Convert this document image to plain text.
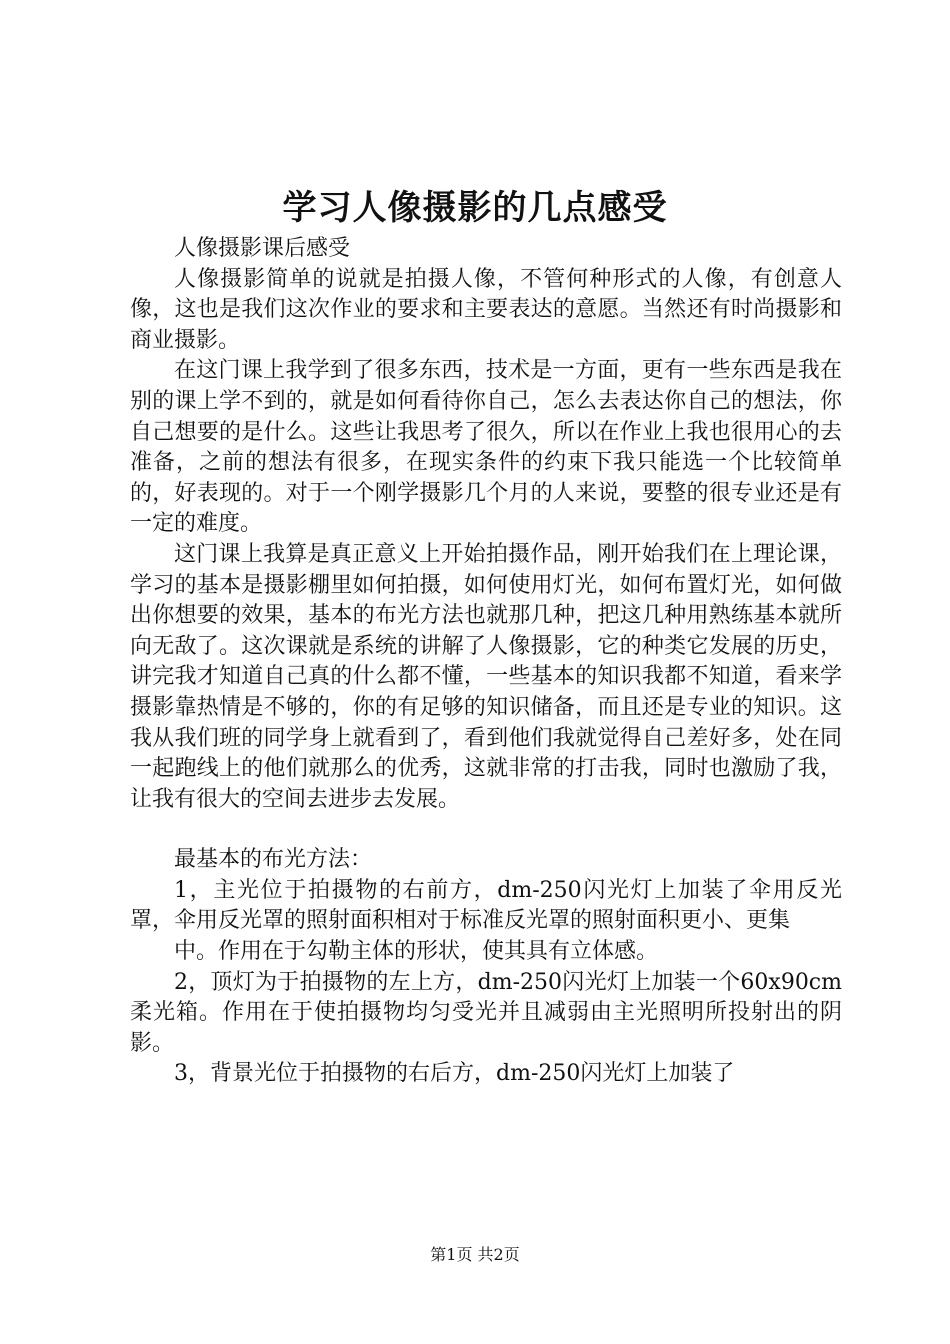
学习人像摄影的几点感受

人像摄影课后感受

人像摄影简单的说就是拍摄人像，不管何种形式的人像，有创意人像，这也是我们这次作业的要求和主要表达的意愿。当然还有时尚摄影和商业摄影。

在这门课上我学到了很多东西，技术是一方面，更有一些东西是我在别的课上学不到的，就是如何看待你自己，怎么去表达你自己的想法，你自己想要的是什么。这些让我思考了很久，所以在作业上我也很用心的去准备，之前的想法有很多，在现实条件的约束下我只能选一个比较简单的，好表现的。对于一个刚学摄影几个月的人来说，要整的很专业还是有一定的难度。

这门课上我算是真正意义上开始拍摄作品，刚开始我们在上理论课，学习的基本是摄影棚里如何拍摄，如何使用灯光，如何布置灯光，如何做出你想要的效果，基本的布光方法也就那几种，把这几种用熟练基本就所向无敌了。这次课就是系统的讲解了人像摄影，它的种类它发展的历史，讲完我才知道自己真的什么都不懂，一些基本的知识我都不知道，看来学摄影靠热情是不够的，你的有足够的知识储备，而且还是专业的知识。这我从我们班的同学身上就看到了，看到他们我就觉得自己差好多，处在同一起跑线上的他们就那么的优秀，这就非常的打击我，同时也激励了我，让我有很大的空间去进步去发展。

最基本的布光方法：

1，主光位于拍摄物的右前方，dm-250闪光灯上加装了伞用反光罩，伞用反光罩的照射面积相对于标准反光罩的照射面积更小、更集

中。作用在于勾勒主体的形状，使其具有立体感。

2，顶灯为于拍摄物的左上方，dm-250闪光灯上加装一个60x90cm柔光箱。作用在于使拍摄物均匀受光并且减弱由主光照明所投射出的阴影。

3，背景光位于拍摄物的右后方，dm-250闪光灯上加装了

第1页 共2页
